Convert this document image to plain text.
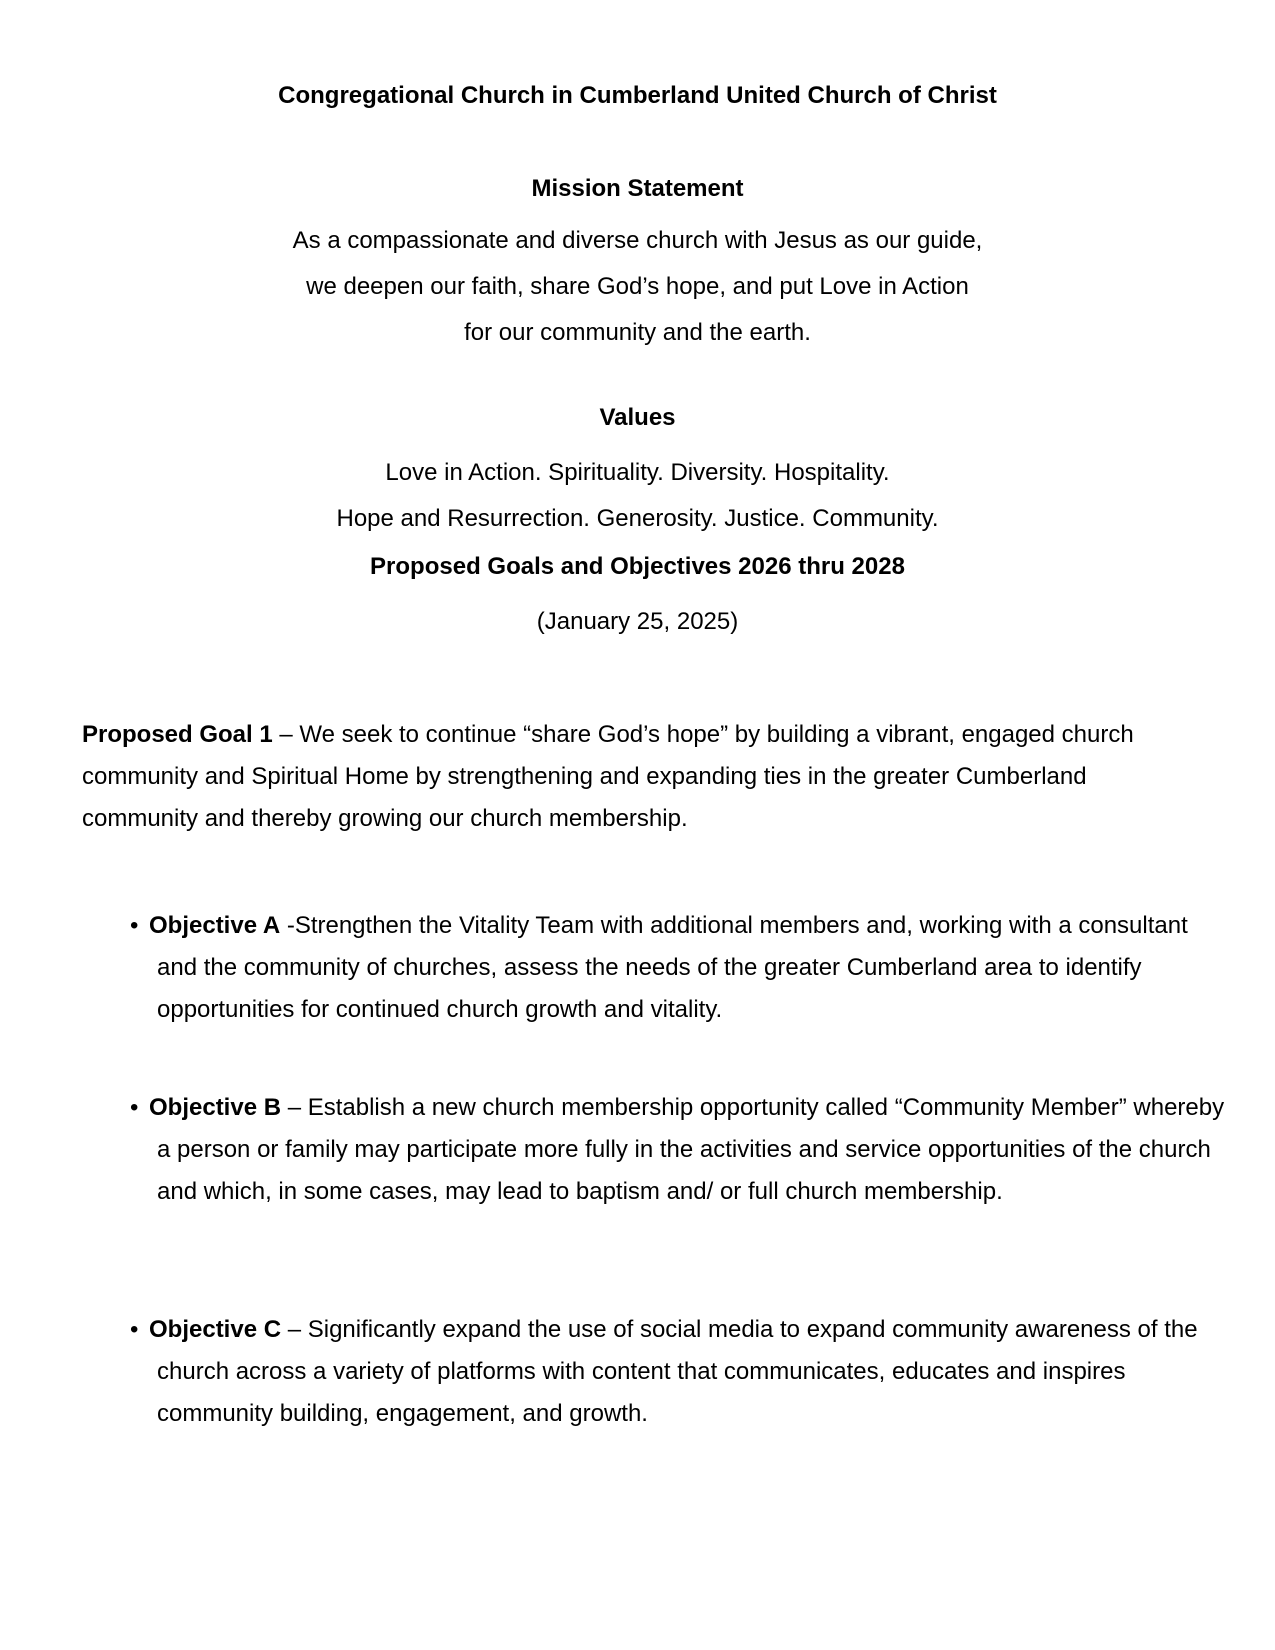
Congregational Church in Cumberland United Church of Christ
Mission Statement
As a compassionate and diverse church with Jesus as our guide,
we deepen our faith, share God’s hope, and put Love in Action
for our community and the earth.
Values
Love in Action. Spirituality. Diversity. Hospitality.
Hope and Resurrection. Generosity. Justice. Community.
Proposed Goals and Objectives 2026 thru 2028
(January 25, 2025)
Proposed Goal 1 – We seek to continue “share God’s hope” by building a vibrant, engaged church community and Spiritual Home by strengthening and expanding ties in the greater Cumberland community and thereby growing our church membership.
• Objective A -Strengthen the Vitality Team with additional members and, working with a consultant and the community of churches, assess the needs of the greater Cumberland area to identify opportunities for continued church growth and vitality.
• Objective B – Establish a new church membership opportunity called “Community Member” whereby a person or family may participate more fully in the activities and service opportunities of the church and which, in some cases, may lead to baptism and/ or full church membership.
• Objective C – Significantly expand the use of social media to expand community awareness of the church across a variety of platforms with content that communicates, educates and inspires community building, engagement, and growth.
